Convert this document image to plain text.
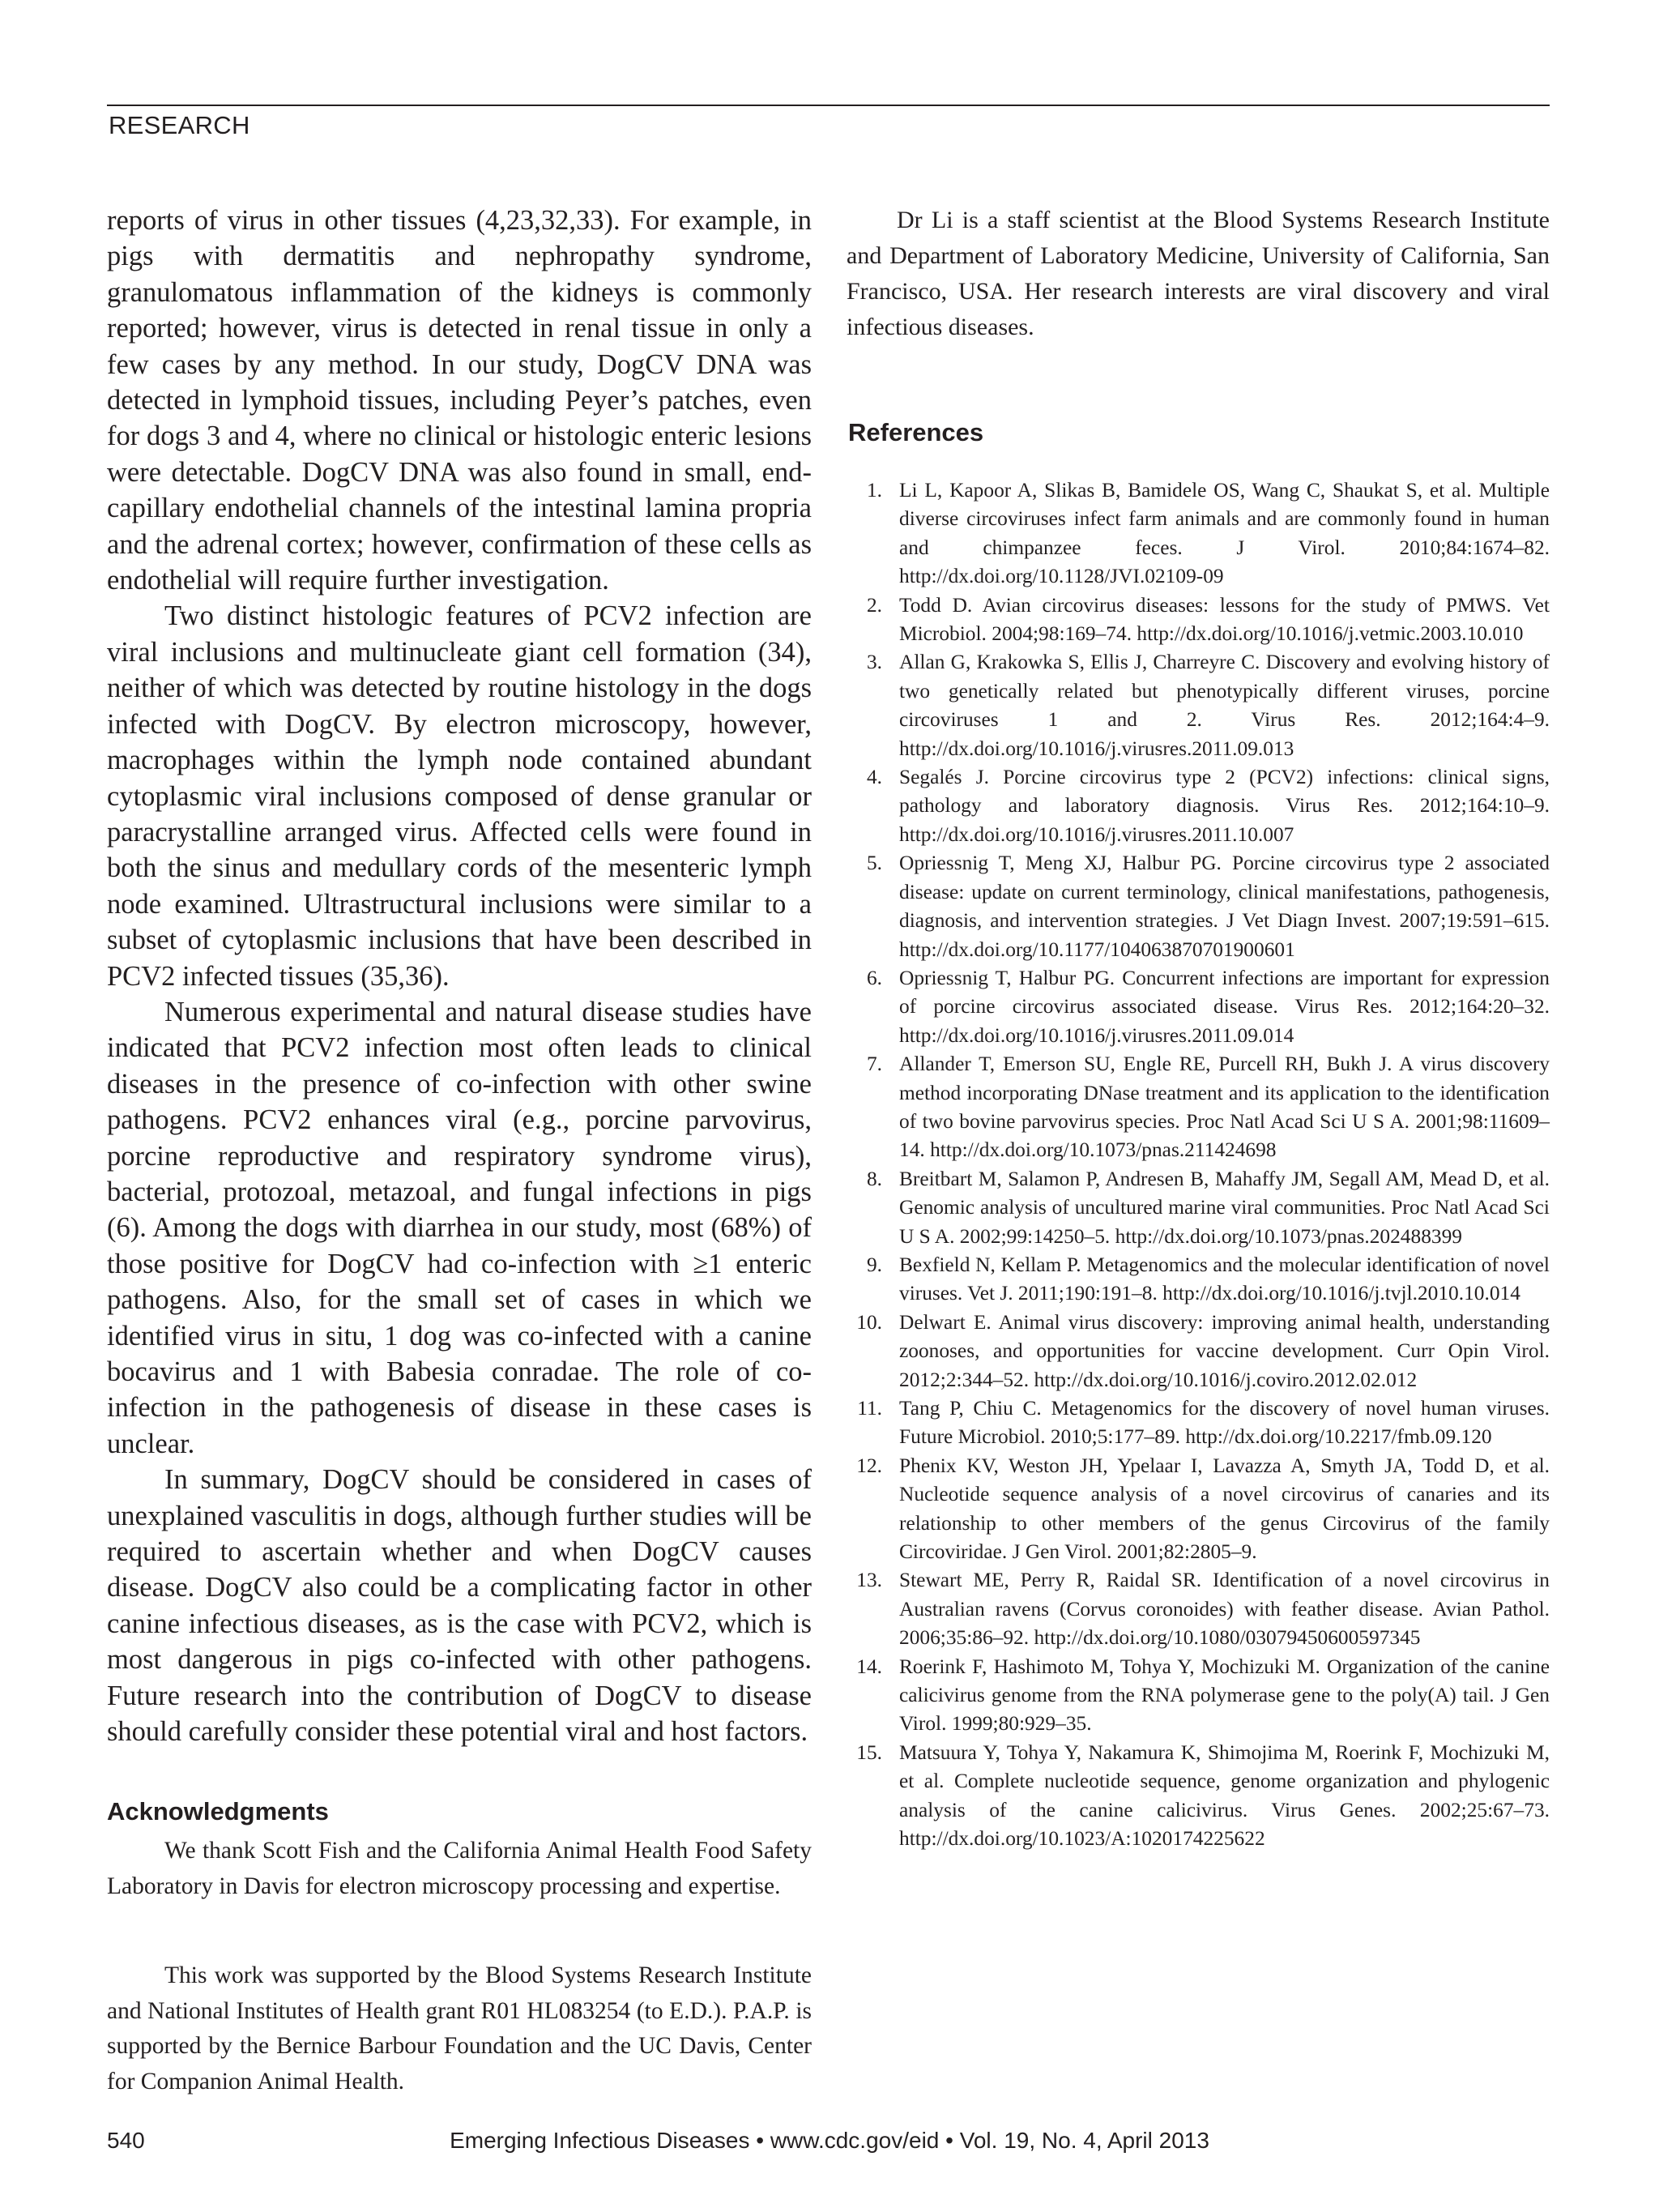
RESEARCH

reports of virus in other tissues (4,23,32,33). For example, in pigs with dermatitis and nephropathy syndrome, granulomatous inflammation of the kidneys is commonly reported; however, virus is detected in renal tissue in only a few cases by any method. In our study, DogCV DNA was detected in lymphoid tissues, including Peyer’s patches, even for dogs 3 and 4, where no clinical or histologic enteric lesions were detectable. DogCV DNA was also found in small, end-capillary endothelial channels of the intestinal lamina propria and the adrenal cortex; however, confirmation of these cells as endothelial will require further investigation.

Two distinct histologic features of PCV2 infection are viral inclusions and multinucleate giant cell formation (34), neither of which was detected by routine histology in the dogs infected with DogCV. By electron microscopy, however, macrophages within the lymph node contained abundant cytoplasmic viral inclusions composed of dense granular or paracrystalline arranged virus. Affected cells were found in both the sinus and medullary cords of the mesenteric lymph node examined. Ultrastructural inclusions were similar to a subset of cytoplasmic inclusions that have been described in PCV2 infected tissues (35,36).

Numerous experimental and natural disease studies have indicated that PCV2 infection most often leads to clinical diseases in the presence of co-infection with other swine pathogens. PCV2 enhances viral (e.g., porcine parvovirus, porcine reproductive and respiratory syndrome virus), bacterial, protozoal, metazoal, and fungal infections in pigs (6). Among the dogs with diarrhea in our study, most (68%) of those positive for DogCV had co-infection with ≥1 enteric pathogens. Also, for the small set of cases in which we identified virus in situ, 1 dog was co-infected with a canine bocavirus and 1 with Babesia conradae. The role of co-infection in the pathogenesis of disease in these cases is unclear.

In summary, DogCV should be considered in cases of unexplained vasculitis in dogs, although further studies will be required to ascertain whether and when DogCV causes disease. DogCV also could be a complicating factor in other canine infectious diseases, as is the case with PCV2, which is most dangerous in pigs co-infected with other pathogens. Future research into the contribution of DogCV to disease should carefully consider these potential viral and host factors.

Acknowledgments

We thank Scott Fish and the California Animal Health Food Safety Laboratory in Davis for electron microscopy processing and expertise.

This work was supported by the Blood Systems Research Institute and National Institutes of Health grant R01 HL083254 (to E.D.). P.A.P. is supported by the Bernice Barbour Foundation and the UC Davis, Center for Companion Animal Health.

Dr Li is a staff scientist at the Blood Systems Research Institute and Department of Laboratory Medicine, University of California, San Francisco, USA. Her research interests are viral discovery and viral infectious diseases.

References
1. Li L, Kapoor A, Slikas B, Bamidele OS, Wang C, Shaukat S, et al. Multiple diverse circoviruses infect farm animals and are commonly found in human and chimpanzee feces. J Virol. 2010;84:1674–82. http://dx.doi.org/10.1128/JVI.02109-09
2. Todd D. Avian circovirus diseases: lessons for the study of PMWS. Vet Microbiol. 2004;98:169–74. http://dx.doi.org/10.1016/j.vetmic.2003.10.010
3. Allan G, Krakowka S, Ellis J, Charreyre C. Discovery and evolving history of two genetically related but phenotypically different viruses, porcine circoviruses 1 and 2. Virus Res. 2012;164:4–9. http://dx.doi.org/10.1016/j.virusres.2011.09.013
4. Segalés J. Porcine circovirus type 2 (PCV2) infections: clinical signs, pathology and laboratory diagnosis. Virus Res. 2012;164:10–9. http://dx.doi.org/10.1016/j.virusres.2011.10.007
5. Opriessnig T, Meng XJ, Halbur PG. Porcine circovirus type 2 associated disease: update on current terminology, clinical manifestations, pathogenesis, diagnosis, and intervention strategies. J Vet Diagn Invest. 2007;19:591–615. http://dx.doi.org/10.1177/104063870701900601
6. Opriessnig T, Halbur PG. Concurrent infections are important for expression of porcine circovirus associated disease. Virus Res. 2012;164:20–32. http://dx.doi.org/10.1016/j.virusres.2011.09.014
7. Allander T, Emerson SU, Engle RE, Purcell RH, Bukh J. A virus discovery method incorporating DNase treatment and its application to the identification of two bovine parvovirus species. Proc Natl Acad Sci U S A. 2001;98:11609–14. http://dx.doi.org/10.1073/pnas.211424698
8. Breitbart M, Salamon P, Andresen B, Mahaffy JM, Segall AM, Mead D, et al. Genomic analysis of uncultured marine viral communities. Proc Natl Acad Sci U S A. 2002;99:14250–5. http://dx.doi.org/10.1073/pnas.202488399
9. Bexfield N, Kellam P. Metagenomics and the molecular identification of novel viruses. Vet J. 2011;190:191–8. http://dx.doi.org/10.1016/j.tvjl.2010.10.014
10. Delwart E. Animal virus discovery: improving animal health, understanding zoonoses, and opportunities for vaccine development. Curr Opin Virol. 2012;2:344–52. http://dx.doi.org/10.1016/j.coviro.2012.02.012
11. Tang P, Chiu C. Metagenomics for the discovery of novel human viruses. Future Microbiol. 2010;5:177–89. http://dx.doi.org/10.2217/fmb.09.120
12. Phenix KV, Weston JH, Ypelaar I, Lavazza A, Smyth JA, Todd D, et al. Nucleotide sequence analysis of a novel circovirus of canaries and its relationship to other members of the genus Circovirus of the family Circoviridae. J Gen Virol. 2001;82:2805–9.
13. Stewart ME, Perry R, Raidal SR. Identification of a novel circovirus in Australian ravens (Corvus coronoides) with feather disease. Avian Pathol. 2006;35:86–92. http://dx.doi.org/10.1080/03079450600597345
14. Roerink F, Hashimoto M, Tohya Y, Mochizuki M. Organization of the canine calicivirus genome from the RNA polymerase gene to the poly(A) tail. J Gen Virol. 1999;80:929–35.
15. Matsuura Y, Tohya Y, Nakamura K, Shimojima M, Roerink F, Mochizuki M, et al. Complete nucleotide sequence, genome organization and phylogenic analysis of the canine calicivirus. Virus Genes. 2002;25:67–73. http://dx.doi.org/10.1023/A:1020174225622
540	Emerging Infectious Diseases • www.cdc.gov/eid • Vol. 19, No. 4, April 2013
